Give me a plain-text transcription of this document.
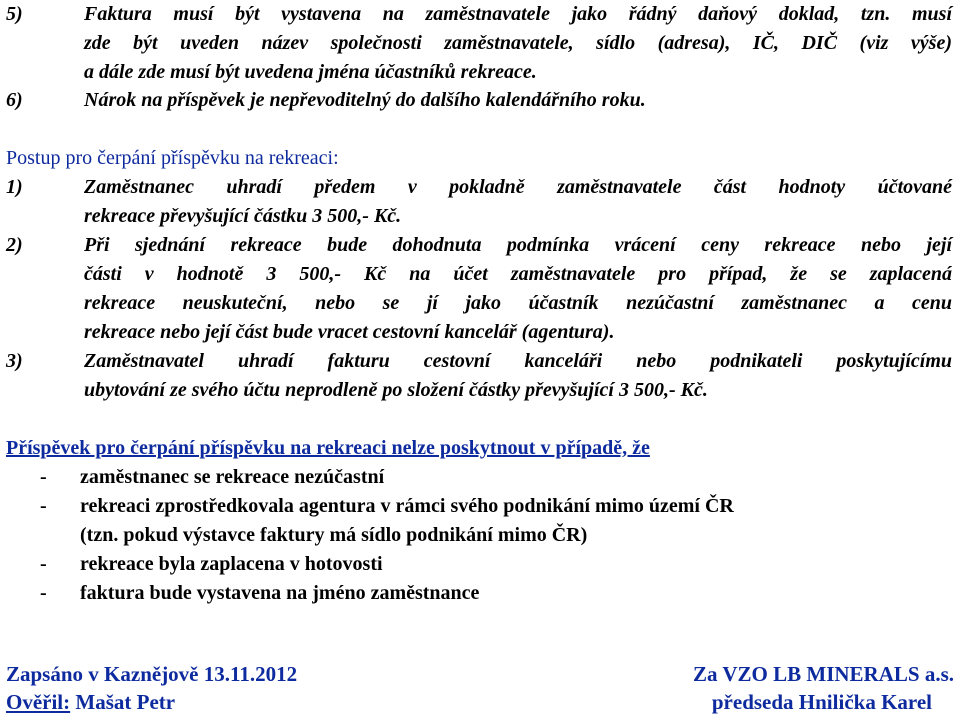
5)	Faktura musí být vystavena na zaměstnavatele jako řádný daňový doklad, tzn. musí
zde být uveden název společnosti zaměstnavatele, sídlo (adresa), IČ, DIČ (viz výše)
a dále zde musí být uvedena jména účastníků rekreace.
6)	Nárok na příspěvek je nepřevoditelný do dalšího kalendářního roku.
Postup pro čerpání příspěvku na rekreaci:
1)	Zaměstnanec uhradí předem v pokladně zaměstnavatele část hodnoty účtované
rekreace převyšující částku 3 500,- Kč.
2)	Při sjednání rekreace bude dohodnuta podmínka vrácení ceny rekreace nebo její
části v hodnotě 3 500,- Kč na účet zaměstnavatele pro případ, že se zaplacená
rekreace neuskuteční, nebo se jí jako účastník nezúčastní zaměstnanec a cenu
rekreace nebo její část bude vracet cestovní kancelář (agentura).
3)	Zaměstnavatel uhradí fakturu cestovní kanceláři nebo podnikateli poskytujícímu
ubytování ze svého účtu neprodleně po složení částky převyšující 3 500,- Kč.
Příspěvek pro čerpání příspěvku na rekreaci nelze poskytnout v případě, že
- zaměstnanec se rekreace nezúčastní
- rekreaci zprostředkovala agentura v rámci svého podnikání mimo území ČR
(tzn. pokud výstavce faktury má sídlo podnikání mimo ČR)
- rekreace byla zaplacena v hotovosti
- faktura bude vystavena na jméno zaměstnance
Zapsáno v Kaznějově 13.11.2012
Ověřil: Mašat Petr
Za VZO LB MINERALS a.s.
předseda Hnilička Karel
